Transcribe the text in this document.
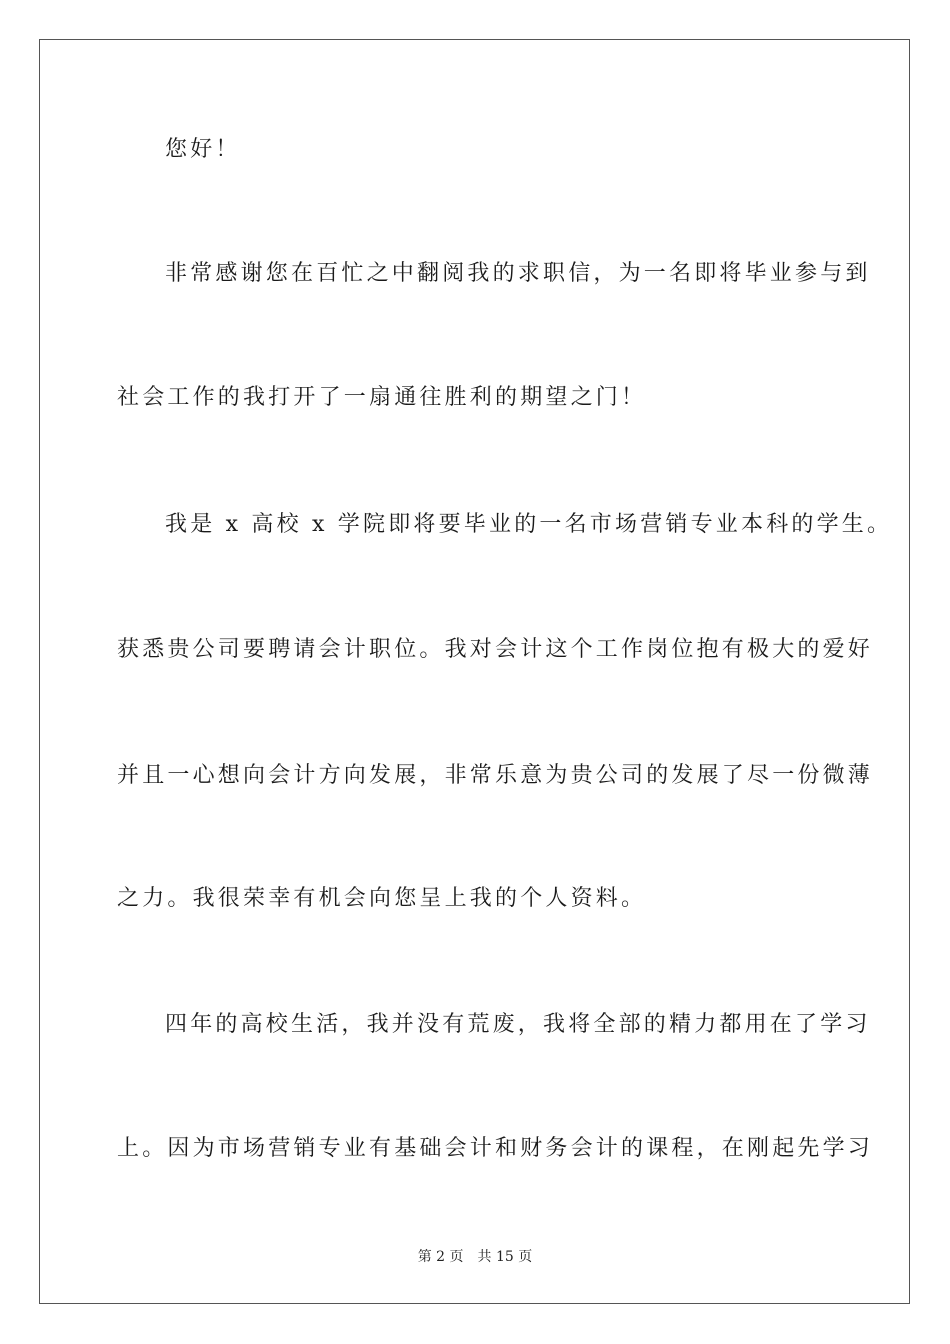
您好！
非常感谢您在百忙之中翻阅我的求职信，为一名即将毕业参与到
社会工作的我打开了一扇通往胜利的期望之门！
我是 x 高校 x 学院即将要毕业的一名市场营销专业本科的学生。
获悉贵公司要聘请会计职位。我对会计这个工作岗位抱有极大的爱好
并且一心想向会计方向发展，非常乐意为贵公司的发展了尽一份微薄
之力。我很荣幸有机会向您呈上我的个人资料。
四年的高校生活，我并没有荒废，我将全部的精力都用在了学习
上。因为市场营销专业有基础会计和财务会计的课程，在刚起先学习
第 2 页 共 15 页
